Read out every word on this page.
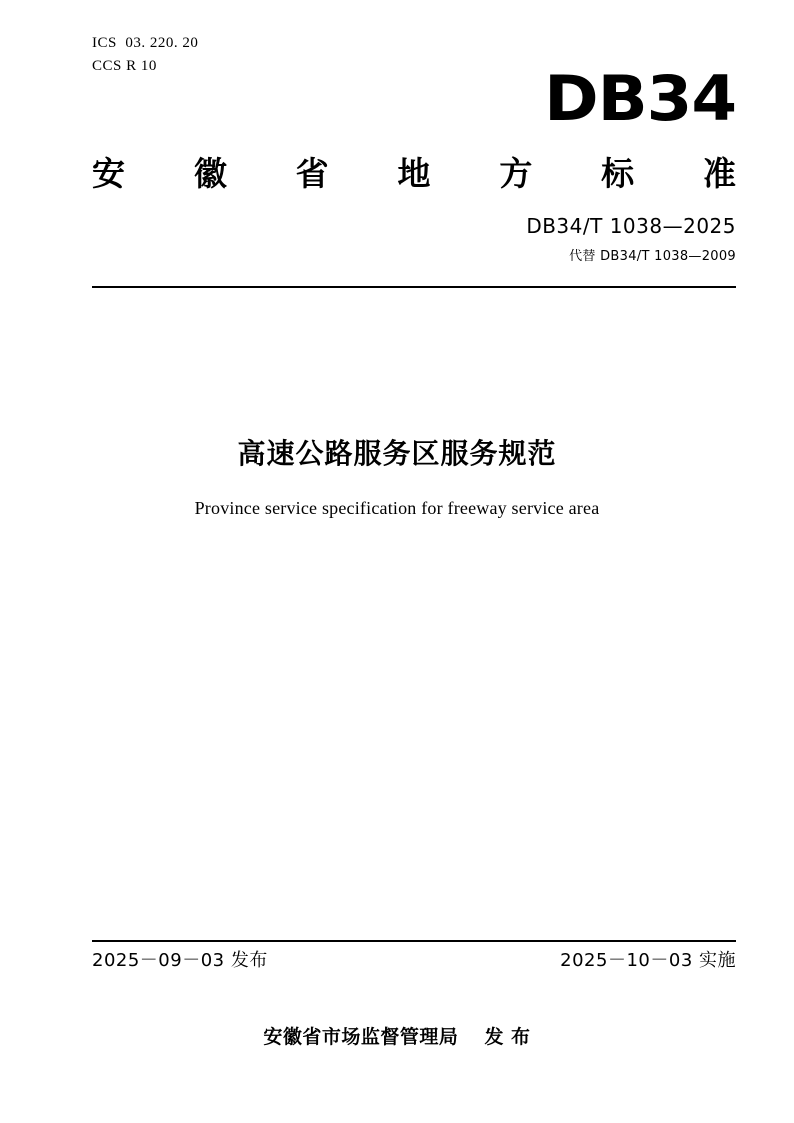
ICS  03. 220. 20
CCS R 10	DB34
安 徽 省 地 方 标 准
DB34/T 1038—2025
代替 DB34/T 1038—2009
高速公路服务区服务规范
Province service specification for freeway service area
2025－09－03 发布	2025－10－03 实施
安徽省市场监督管理局 发 布
